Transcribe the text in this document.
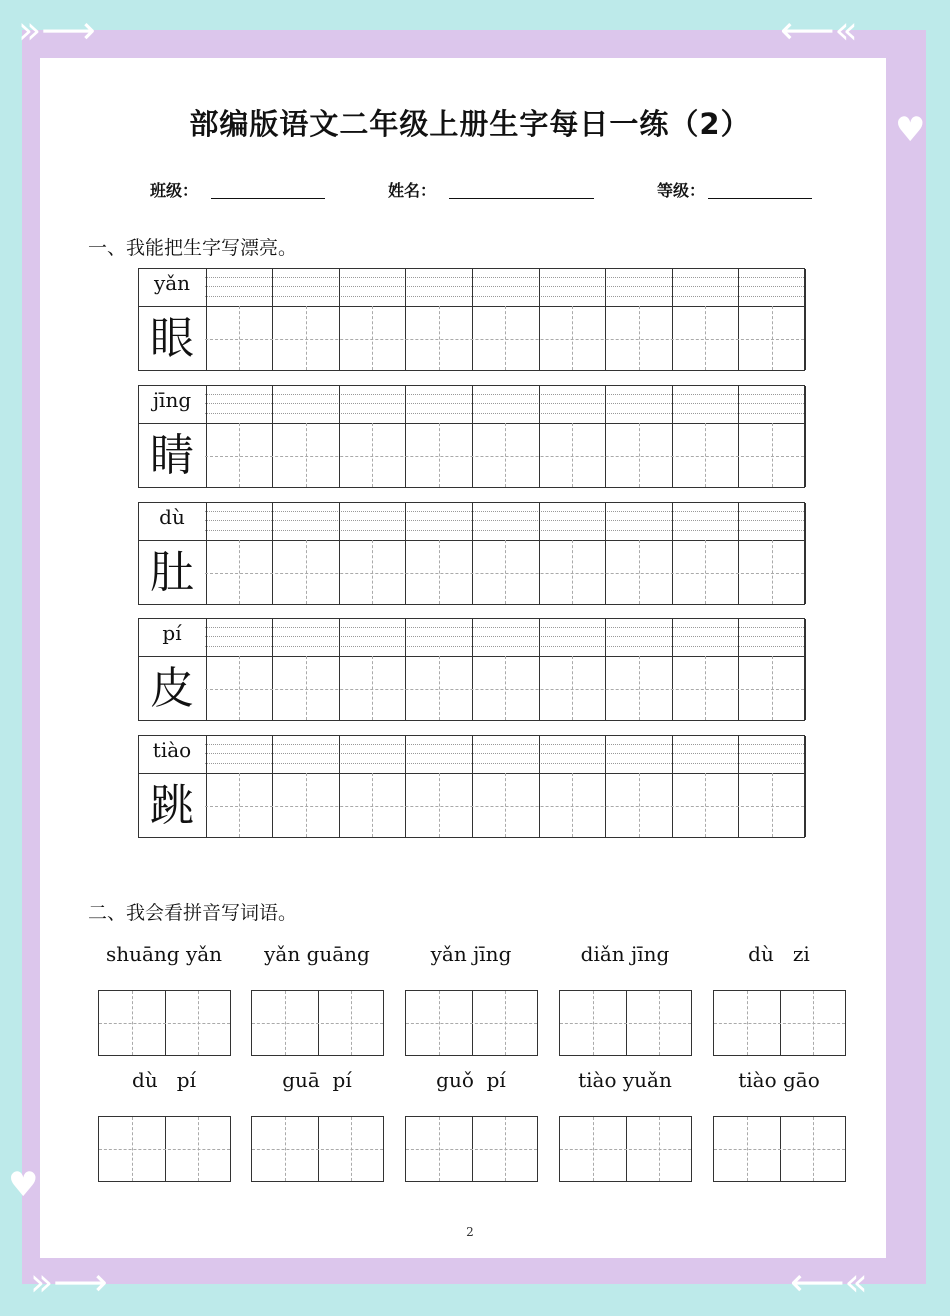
»⟶	⟵«
♥
♥
»⟶	⟵«
部编版语文二年级上册生字每日一练（2）
班级：	姓名：	等级：
一、我能把生字写漂亮。
yǎn
眼
jīng
睛
dù
肚
pí
皮
tiào
跳
二、我会看拼音写词语。
shuāng yǎn	yǎn guāng	yǎn jīng	diǎn jīng	dù   zi
dù   pí	guā  pí	guǒ  pí	tiào yuǎn	tiào gāo
2
